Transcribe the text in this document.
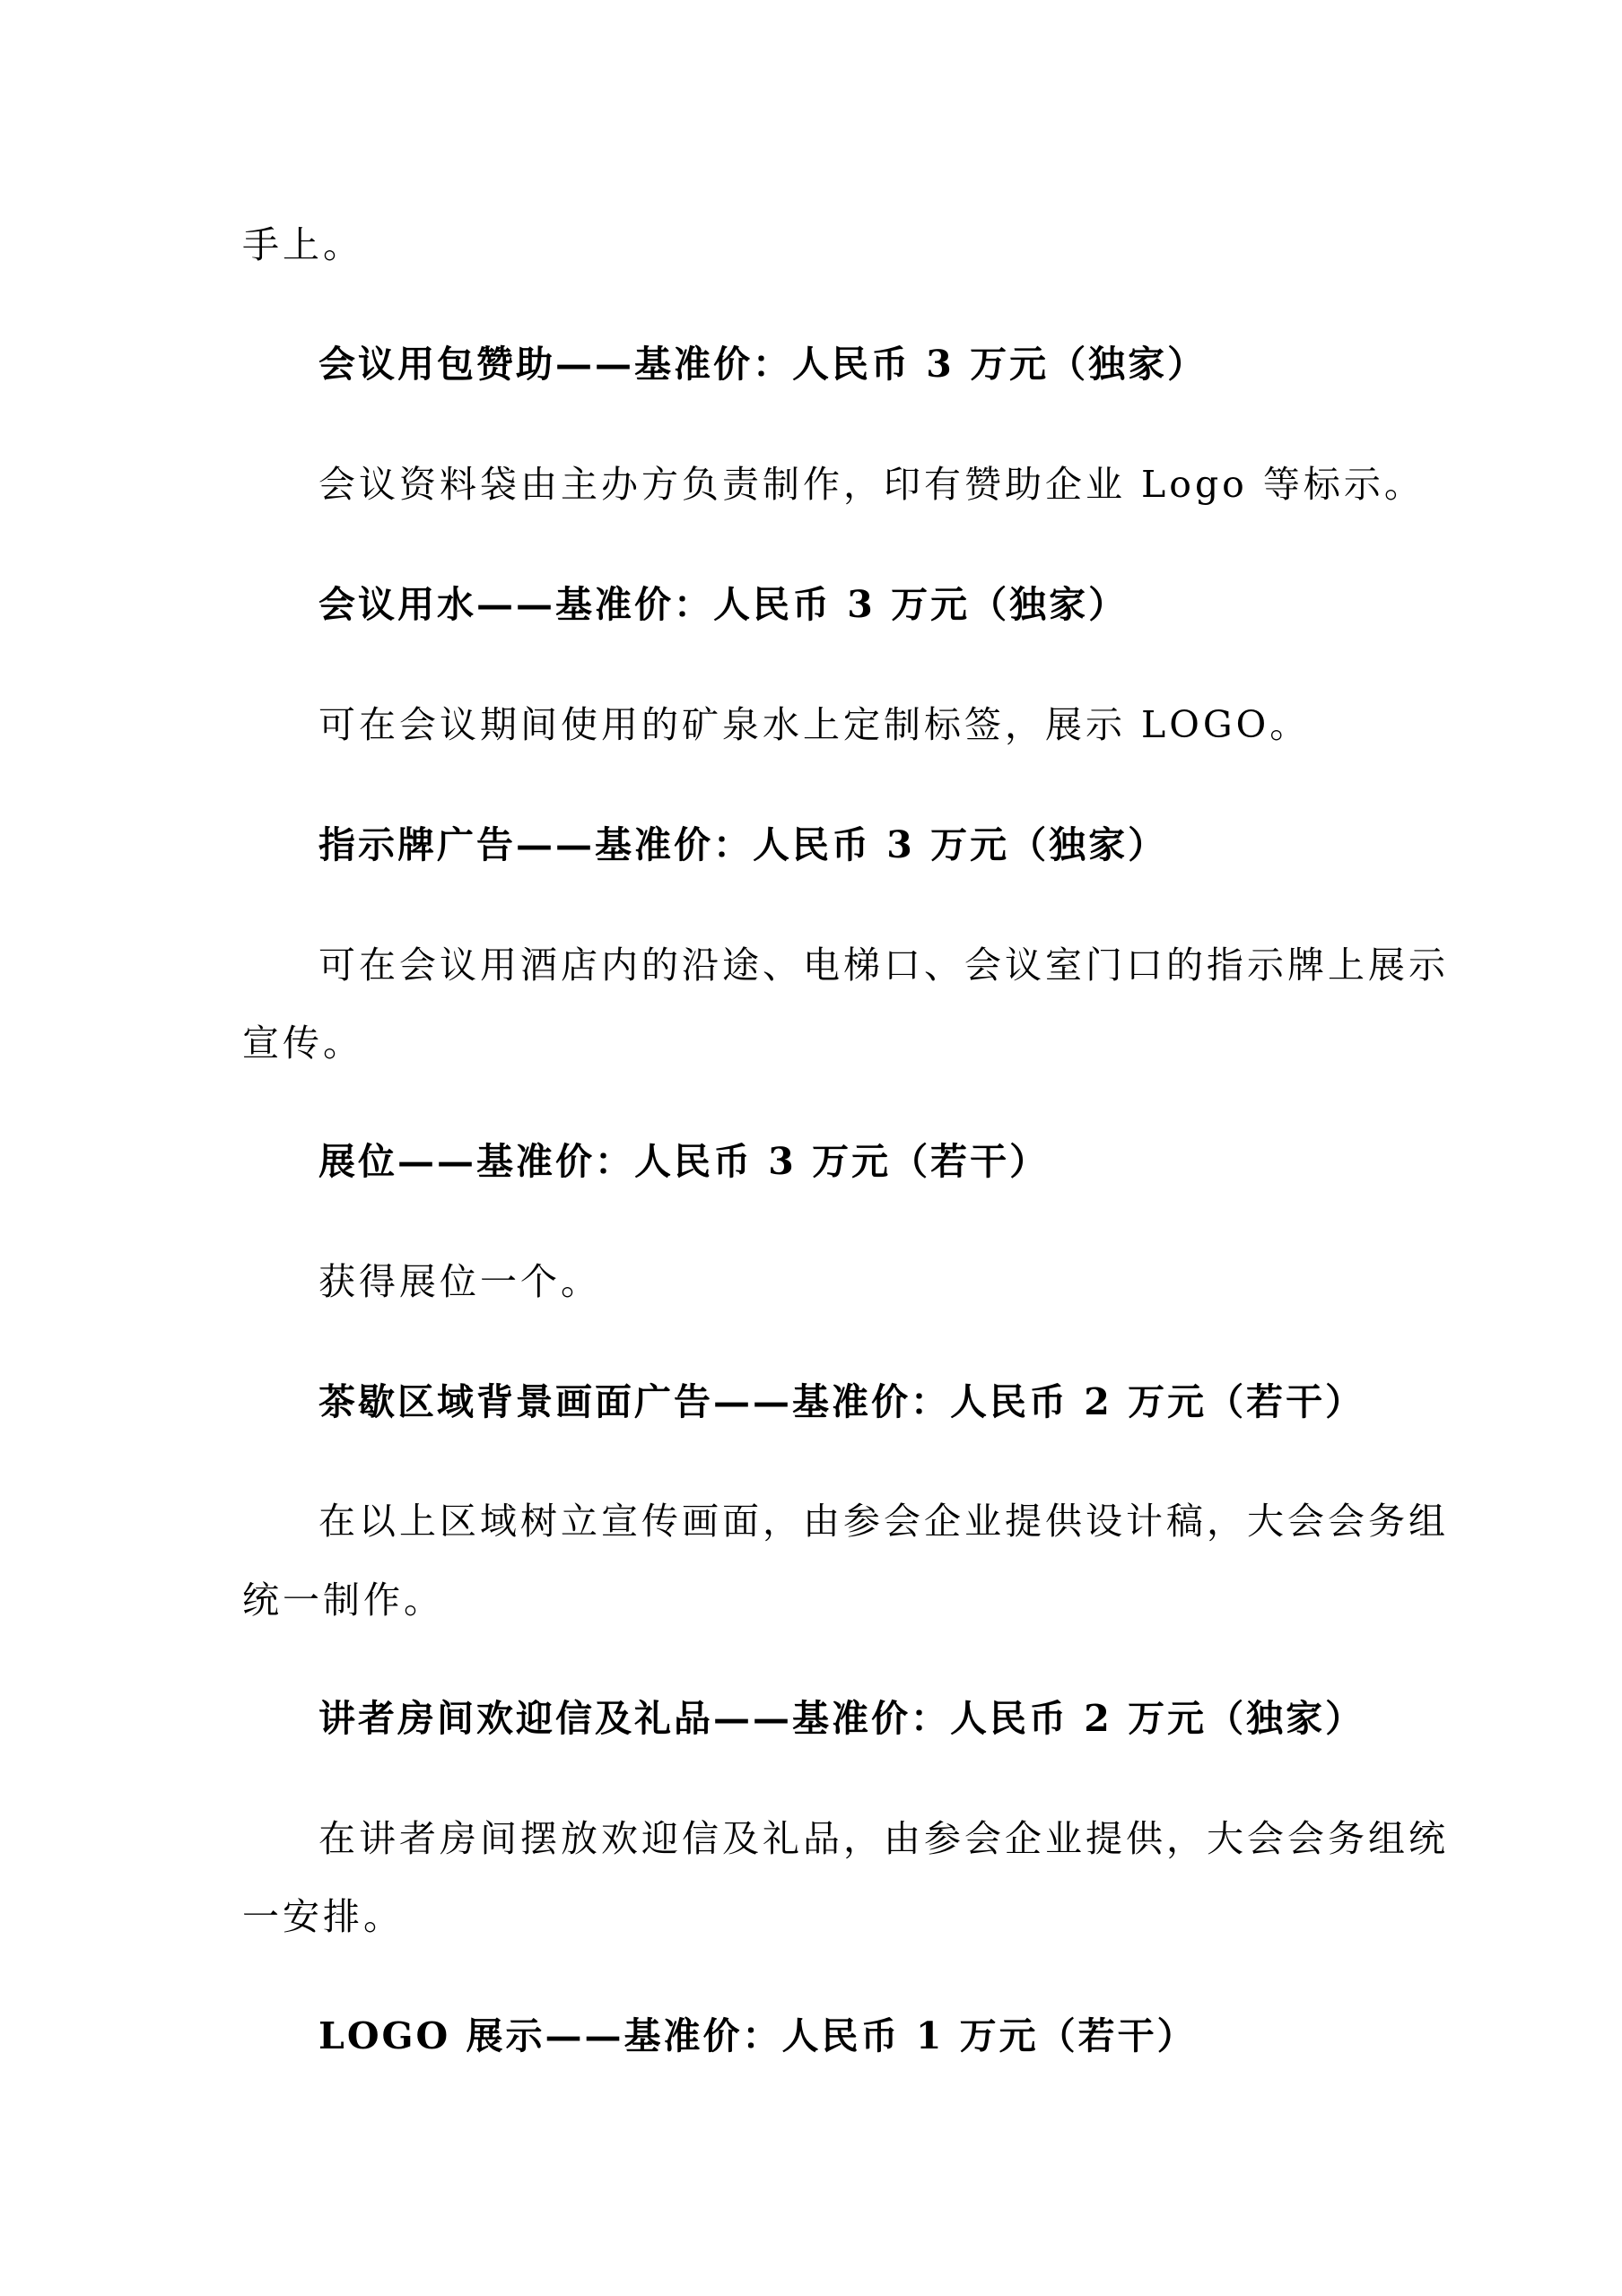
手上。
会议用包赞助——基准价：人民币 3 万元（独家）
会议资料袋由主办方负责制作，印有赞助企业 Logo 等标示。
会议用水——基准价：人民币 3 万元（独家）
可在会议期间使用的矿泉水上定制标签，展示 LOGO。
指示牌广告——基准价：人民币 3 万元（独家）
可在会议用酒店内的沿途、电梯口、会议室门口的指示牌上展示
宣传。
展位——基准价：人民币 3 万元（若干）
获得展位一个。
茶歇区域背景画面广告——基准价：人民币 2 万元（若干）
在以上区域树立宣传画面，由参会企业提供设计稿，大会会务组
统一制作。
讲者房间欢迎信及礼品——基准价：人民币 2 万元（独家）
在讲者房间摆放欢迎信及礼品，由参会企业提供，大会会务组统
一安排。
LOGO 展示——基准价：人民币 1 万元（若干）
